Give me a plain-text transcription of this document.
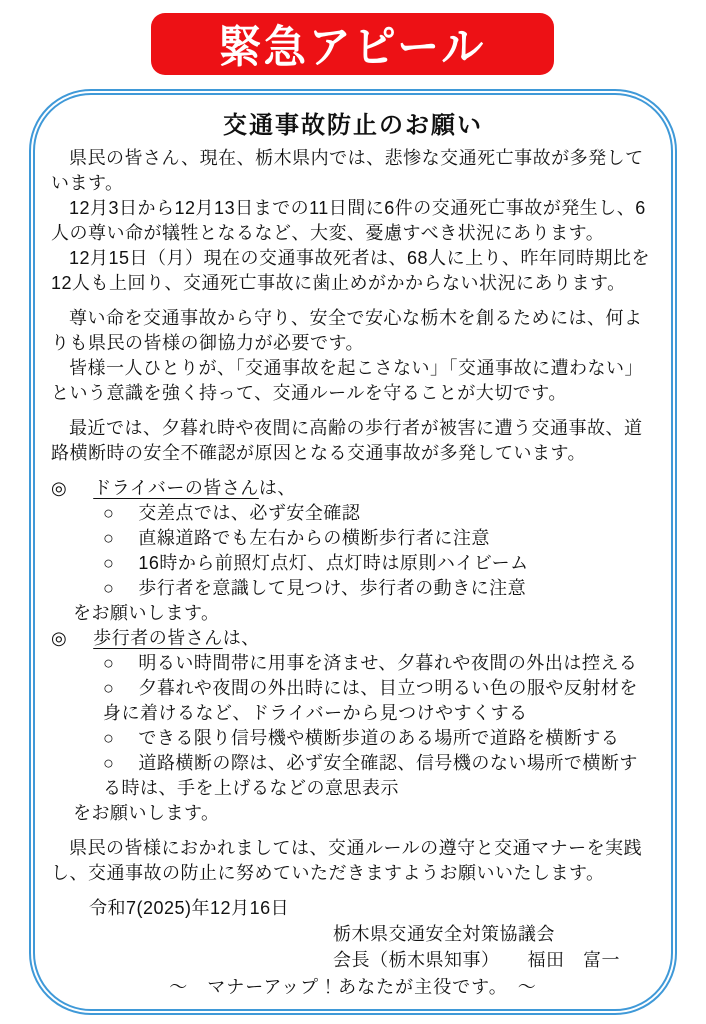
緊急アピール
交通事故防止のお願い

県民の皆さん、現在、栃木県内では、悲惨な交通死亡事故が多発しています。

12月3日から12月13日までの11日間に6件の交通死亡事故が発生し、6人の尊い命が犠牲となるなど、大変、憂慮すべき状況にあります。

12月15日（月）現在の交通事故死者は、68人に上り、昨年同時期比を12人も上回り、交通死亡事故に歯止めがかからない状況にあります。

尊い命を交通事故から守り、安全で安心な栃木を創るためには、何よりも県民の皆様の御協力が必要です。

皆様一人ひとりが、「交通事故を起こさない」「交通事故に遭わない」という意識を強く持って、交通ルールを守ることが大切です。

最近では、夕暮れ時や夜間に高齢の歩行者が被害に遭う交通事故、道路横断時の安全不確認が原因となる交通事故が多発しています。

◎ ドライバーの皆さんは、

○ 交差点では、必ず安全確認
○ 直線道路でも左右からの横断歩行者に注意
○ 16時から前照灯点灯、点灯時は原則ハイビーム
○ 歩行者を意識して見つけ、歩行者の動きに注意

をお願いします。

◎ 歩行者の皆さんは、

○ 明るい時間帯に用事を済ませ、夕暮れや夜間の外出は控える
○ 夕暮れや夜間の外出時には、目立つ明るい色の服や反射材を身に着けるなど、ドライバーから見つけやすくする
○ できる限り信号機や横断歩道のある場所で道路を横断する
○ 道路横断の際は、必ず安全確認、信号機のない場所で横断する時は、手を上げるなどの意思表示

をお願いします。

県民の皆様におかれましては、交通ルールの遵守と交通マナーを実践し、交通事故の防止に努めていただきますようお願いいたします。

令和7(2025)年12月16日

栃木県交通安全対策協議会
会長（栃木県知事）　　福田　富一
～　マナーアップ！あなたが主役です。　～
